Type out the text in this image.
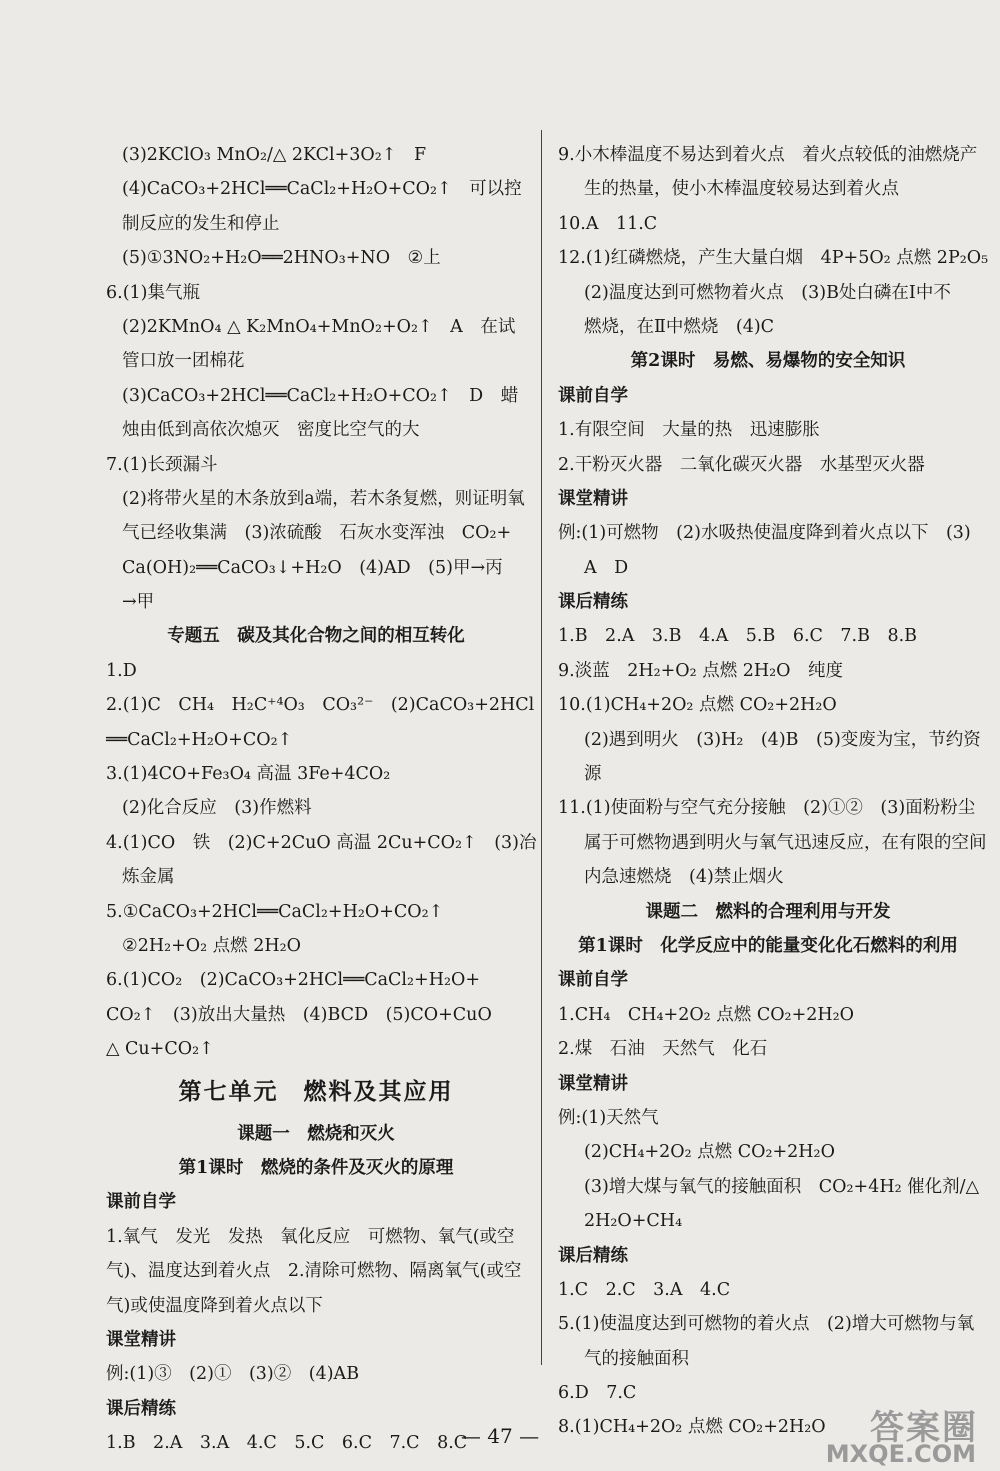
(3)2KClO₃ MnO₂/△ 2KCl+3O₂↑　F
(4)CaCO₃+2HCl══CaCl₂+H₂O+CO₂↑　可以控
制反应的发生和停止
(5)①3NO₂+H₂O══2HNO₃+NO　②上
6.(1)集气瓶
(2)2KMnO₄ △ K₂MnO₄+MnO₂+O₂↑　A　在试
管口放一团棉花
(3)CaCO₃+2HCl══CaCl₂+H₂O+CO₂↑　D　蜡
烛由低到高依次熄灭　密度比空气的大
7.(1)长颈漏斗
(2)将带火星的木条放到a端，若木条复燃，则证明氧
气已经收集满　(3)浓硫酸　石灰水变浑浊　CO₂+
Ca(OH)₂══CaCO₃↓+H₂O　(4)AD　(5)甲→丙
→甲
专题五　碳及其化合物之间的相互转化
1.D
2.(1)C　CH₄　H₂C⁺⁴O₃　CO₃²⁻　(2)CaCO₃+2HCl
══CaCl₂+H₂O+CO₂↑
3.(1)4CO+Fe₃O₄ 高温 3Fe+4CO₂
(2)化合反应　(3)作燃料
4.(1)CO　铁　(2)C+2CuO 高温 2Cu+CO₂↑　(3)冶
炼金属
5.①CaCO₃+2HCl══CaCl₂+H₂O+CO₂↑
②2H₂+O₂ 点燃 2H₂O
6.(1)CO₂　(2)CaCO₃+2HCl══CaCl₂+H₂O+
CO₂↑　(3)放出大量热　(4)BCD　(5)CO+CuO
△ Cu+CO₂↑
第七单元　燃料及其应用
课题一　燃烧和灭火
第1课时　燃烧的条件及灭火的原理
课前自学
1.氧气　发光　发热　氧化反应　可燃物、氧气(或空
气)、温度达到着火点　2.清除可燃物、隔离氧气(或空
气)或使温度降到着火点以下
课堂精讲
例:(1)③　(2)①　(3)②　(4)AB
课后精练
1.B　2.A　3.A　4.C　5.C　6.C　7.C　8.C
9.小木棒温度不易达到着火点　着火点较低的油燃烧产
生的热量，使小木棒温度较易达到着火点
10.A　11.C
12.(1)红磷燃烧，产生大量白烟　4P+5O₂ 点燃 2P₂O₅
(2)温度达到可燃物着火点　(3)B处白磷在Ⅰ中不
燃烧，在Ⅱ中燃烧　(4)C
第2课时　易燃、易爆物的安全知识
课前自学
1.有限空间　大量的热　迅速膨胀
2.干粉灭火器　二氧化碳灭火器　水基型灭火器
课堂精讲
例:(1)可燃物　(2)水吸热使温度降到着火点以下　(3)
A　D
课后精练
1.B　2.A　3.B　4.A　5.B　6.C　7.B　8.B
9.淡蓝　2H₂+O₂ 点燃 2H₂O　纯度
10.(1)CH₄+2O₂ 点燃 CO₂+2H₂O
(2)遇到明火　(3)H₂　(4)B　(5)变废为宝，节约资
源
11.(1)使面粉与空气充分接触　(2)①②　(3)面粉粉尘
属于可燃物遇到明火与氧气迅速反应，在有限的空间
内急速燃烧　(4)禁止烟火
课题二　燃料的合理利用与开发
第1课时　化学反应中的能量变化化石燃料的利用
课前自学
1.CH₄　CH₄+2O₂ 点燃 CO₂+2H₂O
2.煤　石油　天然气　化石
课堂精讲
例:(1)天然气
(2)CH₄+2O₂ 点燃 CO₂+2H₂O
(3)增大煤与氧气的接触面积　CO₂+4H₂ 催化剂/△
2H₂O+CH₄
课后精练
1.C　2.C　3.A　4.C
5.(1)使温度达到可燃物的着火点　(2)增大可燃物与氧
气的接触面积
6.D　7.C
8.(1)CH₄+2O₂ 点燃 CO₂+2H₂O
— 47 —	答案圈
MXQE.COM
